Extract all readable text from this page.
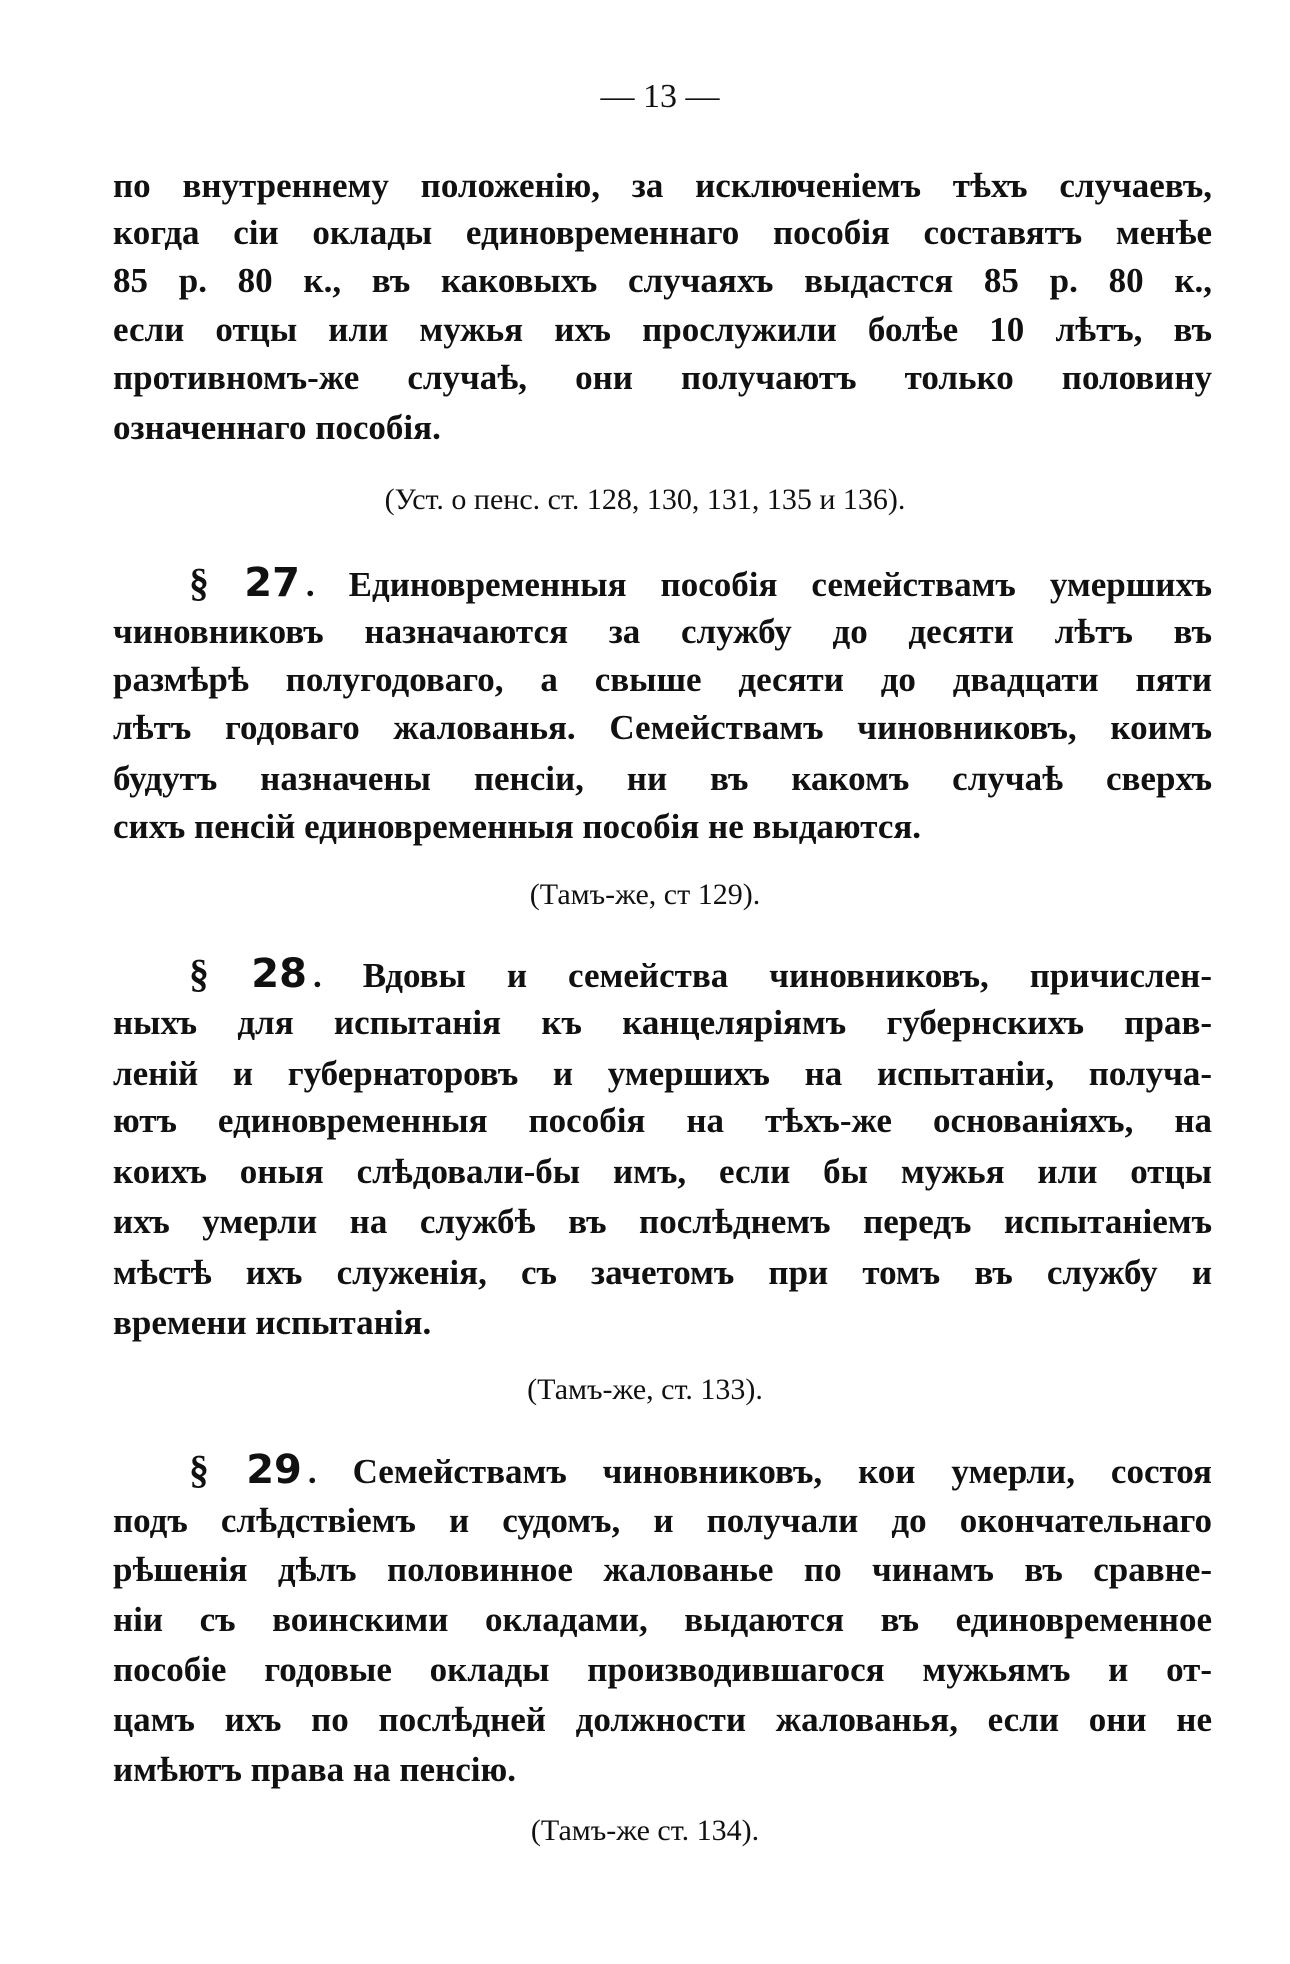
— 13 —
по внутреннему положенію, за исключеніемъ тѣхъ случаевъ,
когда сіи оклады единовременнаго пособія составятъ менѣе
85 р. 80 к., въ каковыхъ случаяхъ выдастся 85 р. 80 к.,
если отцы или мужья ихъ прослужили болѣе 10 лѣтъ, въ
противномъ-же случаѣ, они получаютъ только половину
означеннаго пособія.
(Уст. о пенс. ст. 128, 130, 131, 135 и 136).
§ 27 . Единовременныя пособія семействамъ умершихъ
чиновниковъ назначаются за службу до десяти лѣтъ въ
размѣрѣ полугодоваго, а свыше десяти до двадцати пяти
лѣтъ годоваго жалованья. Семействамъ чиновниковъ, коимъ
будутъ назначены пенсіи, ни въ какомъ случаѣ сверхъ
сихъ пенсій единовременныя пособія не выдаются.
(Тамъ-же, ст 129).
§ 28 . Вдовы и семейства чиновниковъ, причислен-
ныхъ для испытанія къ канцеляріямъ губернскихъ прав-
леній и губернаторовъ и умершихъ на испытаніи, получа-
ютъ единовременныя пособія на тѣхъ-же основаніяхъ, на
коихъ оныя слѣдовали-бы имъ, если бы мужья или отцы
ихъ умерли на службѣ въ послѣднемъ передъ испытаніемъ
мѣстѣ ихъ служенія, съ зачетомъ при томъ въ службу и
времени испытанія.
(Тамъ-же, ст. 133).
§ 29 . Семействамъ чиновниковъ, кои умерли, состоя
подъ слѣдствіемъ и судомъ, и получали до окончательнаго
рѣшенія дѣлъ половинное жалованье по чинамъ въ сравне-
ніи съ воинскими окладами, выдаются въ единовременное
пособіе годовые оклады производившагося мужьямъ и от-
цамъ ихъ по послѣдней должности жалованья, если они не
имѣютъ права на пенсію.
(Тамъ-же ст. 134).
